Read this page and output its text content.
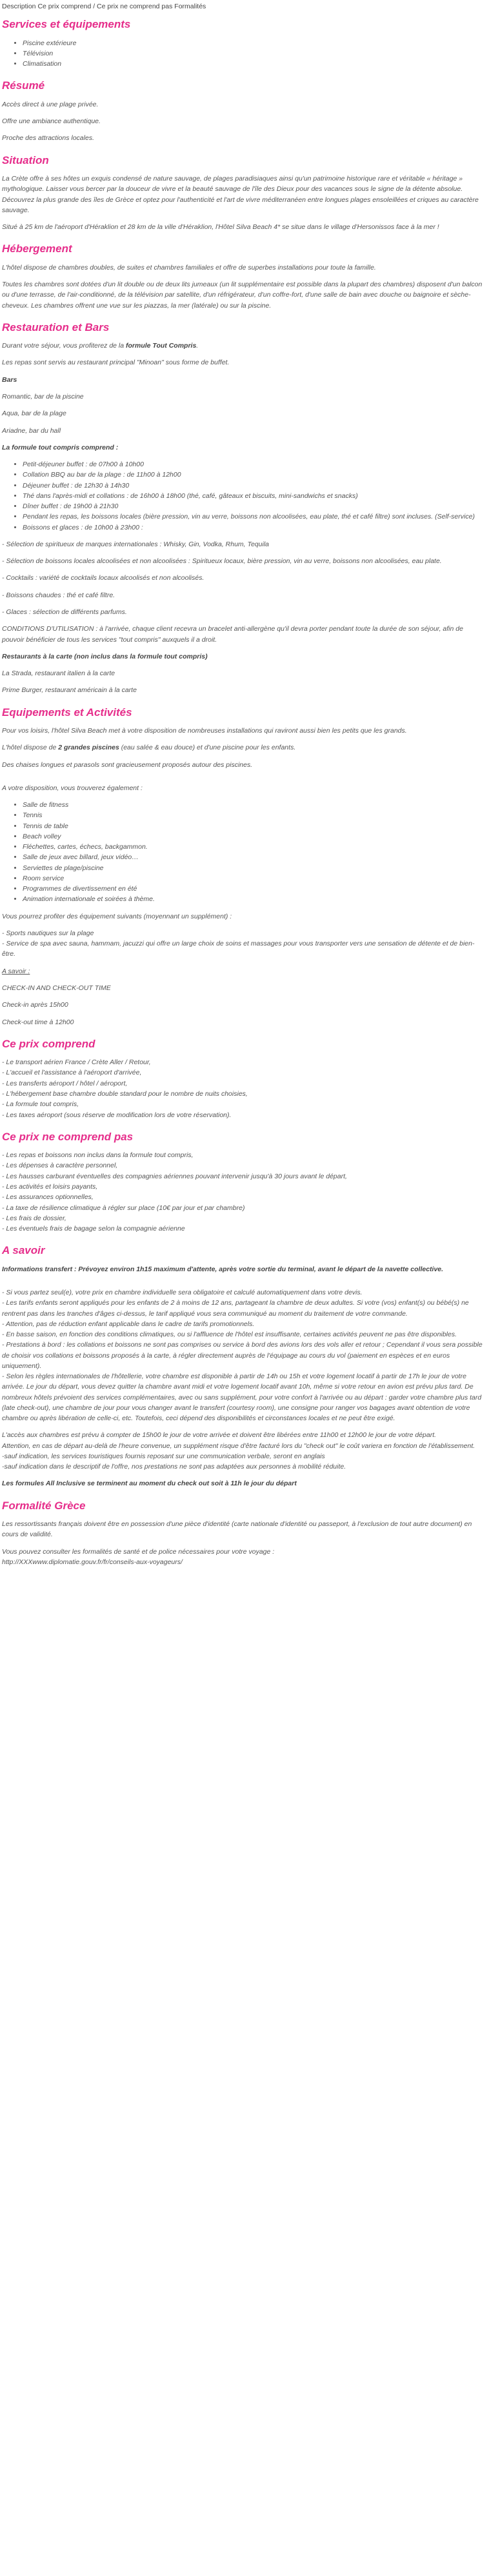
Description Ce prix comprend / Ce prix ne comprend pas Formalités
Services et équipements
• Piscine extérieure
• Télévision
• Climatisation
Résumé

Accès direct à une plage privée.

Offre une ambiance authentique.

Proche des attractions locales.

Situation

La Crète offre à ses hôtes un exquis condensé de nature sauvage, de plages paradisiaques ainsi qu'un patrimoine historique rare et véritable « héritage » mythologique. Laisser vous bercer par la douceur de vivre et la beauté sauvage de l'île des Dieux pour des vacances sous le signe de la détente absolue. Découvrez la plus grande des îles de Grèce et optez pour l'authenticité et l'art de vivre méditerranéen entre longues plages ensoleillées et criques au caractère sauvage.

Situé à 25 km de l'aéroport d'Héraklion et 28 km de la ville d'Héraklion, l'Hôtel Silva Beach 4* se situe dans le village d'Hersonissos face à la mer !

Hébergement

L'hôtel dispose de chambres doubles, de suites et chambres familiales et offre de superbes installations pour toute la famille.

Toutes les chambres sont dotées d'un lit double ou de deux lits jumeaux (un lit supplémentaire est possible dans la plupart des chambres) disposent d'un balcon ou d'une terrasse, de l'air-conditionné, de la télévision par satellite, d'un réfrigérateur, d'un coffre-fort, d'une salle de bain avec douche ou baignoire et sèche-cheveux. Les chambres offrent une vue sur les piazzas, la mer (latérale) ou sur la piscine.

Restauration et Bars

Durant votre séjour, vous profiterez de la formule Tout Compris.

Les repas sont servis au restaurant principal "Minoan" sous forme de buffet.

Bars

Romantic, bar de la piscine

Aqua, bar de la plage

Ariadne, bar du hall

La formule tout compris comprend :

• Petit-déjeuner buffet : de 07h00 à 10h00
• Collation BBQ au bar de la plage : de 11h00 à 12h00
• Déjeuner buffet : de 12h30 à 14h30
• Thé dans l'après-midi et collations : de 16h00 à 18h00 (thé, café, gâteaux et biscuits, mini-sandwichs et snacks)
• Dîner buffet : de 19h00 à 21h30
• Pendant les repas, les boissons locales (bière pression, vin au verre, boissons non alcoolisées, eau plate, thé et café filtre) sont incluses. (Self-service)
• Boissons et glaces : de 10h00 à 23h00 :

- Sélection de spiritueux de marques internationales : Whisky, Gin, Vodka, Rhum, Tequila

- Sélection de boissons locales alcoolisées et non alcoolisées : Spiritueux locaux, bière pression, vin au verre, boissons non alcoolisées, eau plate.

- Cocktails : variété de cocktails locaux alcoolisés et non alcoolisés.

- Boissons chaudes : thé et café filtre.

- Glaces : sélection de différents parfums.

CONDITIONS D'UTILISATION : à l'arrivée, chaque client recevra un bracelet anti-allergène qu'il devra porter pendant toute la durée de son séjour, afin de pouvoir bénéficier de tous les services "tout compris" auxquels il a droit.

Restaurants à la carte (non inclus dans la formule tout compris)

La Strada, restaurant italien à la carte

Prime Burger, restaurant américain à la carte

Equipements et Activités

Pour vos loisirs, l'hôtel Silva Beach met à votre disposition de nombreuses installations qui raviront aussi bien les petits que les grands.

L'hôtel dispose de 2 grandes piscines (eau salée & eau douce) et d'une piscine pour les enfants.

Des chaises longues et parasols sont gracieusement proposés autour des piscines.

A votre disposition, vous trouverez également :

• Salle de fitness
• Tennis
• Tennis de table
• Beach volley
• Fléchettes, cartes, échecs, backgammon.
• Salle de jeux avec billard, jeux vidéo…
• Serviettes de plage/piscine
• Room service
• Programmes de divertissement en été
• Animation internationale et soirées à thème.

Vous pourrez profiter des équipement suivants (moyennant un supplément) :

- Sports nautiques sur la plage

- Service de spa avec sauna, hammam, jacuzzi qui offre un large choix de soins et massages pour vous transporter vers une sensation de détente et de bien-être.

A savoir :

CHECK-IN AND CHECK-OUT TIME

Check-in après 15h00

Check-out time à 12h00

Ce prix comprend

- Le transport aérien France / Crète Aller / Retour,

- L'accueil et l'assistance à l'aéroport d'arrivée,

- Les transferts aéroport / hôtel / aéroport,

- L'hébergement base chambre double standard pour le nombre de nuits choisies,

- La formule tout compris,

- Les taxes aéroport (sous réserve de modification lors de votre réservation).

Ce prix ne comprend pas

- Les repas et boissons non inclus dans la formule tout compris,

- Les dépenses à caractère personnel,

- Les hausses carburant éventuelles des compagnies aériennes pouvant intervenir jusqu'à 30 jours avant le départ,

- Les activités et loisirs payants,

- Les assurances optionnelles,

- La taxe de résilience climatique à régler sur place (10€ par jour et par chambre)

- Les frais de dossier,

- Les éventuels frais de bagage selon la compagnie aérienne

A savoir

Informations transfert : Prévoyez environ 1h15 maximum d'attente, après votre sortie du terminal, avant le départ de la navette collective.

- Si vous partez seul(e), votre prix en chambre individuelle sera obligatoire et calculé automatiquement dans votre devis.

- Les tarifs enfants seront appliqués pour les enfants de 2 à moins de 12 ans, partageant la chambre de deux adultes. Si votre (vos) enfant(s) ou bébé(s) ne rentrent pas dans les tranches d'âges ci-dessus, le tarif appliqué vous sera communiqué au moment du traitement de votre commande.

- Attention, pas de réduction enfant applicable dans le cadre de tarifs promotionnels.

- En basse saison, en fonction des conditions climatiques, ou si l'affluence de l'hôtel est insuffisante, certaines activités peuvent ne pas être disponibles.

- Prestations à bord : les collations et boissons ne sont pas comprises ou service à bord des avions lors des vols aller et retour ; Cependant il vous sera possible de choisir vos collations et boissons proposés à la carte, à régler directement auprès de l'équipage au cours du vol (paiement en espèces et en euros uniquement).

- Selon les règles internationales de l'hôtellerie, votre chambre est disponible à partir de 14h ou 15h et votre logement locatif à partir de 17h le jour de votre arrivée. Le jour du départ, vous devez quitter la chambre avant midi et votre logement locatif avant 10h, même si votre retour en avion est prévu plus tard. De nombreux hôtels prévoient des services complémentaires, avec ou sans supplément, pour votre confort à l'arrivée ou au départ : garder votre chambre plus tard (late check-out), une chambre de jour pour vous changer avant le transfert (courtesy room), une consigne pour ranger vos bagages avant obtention de votre chambre ou après libération de celle-ci, etc. Toutefois, ceci dépend des disponibilités et circonstances locales et ne peut être exigé.

L'accès aux chambres est prévu à compter de 15h00 le jour de votre arrivée et doivent être libérées entre 11h00 et 12h00 le jour de votre départ.

Attention, en cas de départ au-delà de l'heure convenue, un supplément risque d'être facturé lors du "check out" le coût variera en fonction de l'établissement.

-sauf indication, les services touristiques fournis reposant sur une communication verbale, seront en anglais

-sauf indication dans le descriptif de l'offre, nos prestations ne sont pas adaptées aux personnes à mobilité réduite.

Les formules All Inclusive se terminent au moment du check out soit à 11h le jour du départ

Formalité Grèce

Les ressortissants français doivent être en possession d'une pièce d'identité (carte nationale d'identité ou passeport, à l'exclusion de tout autre document) en cours de validité.

Vous pouvez consulter les formalités de santé et de police nécessaires pour votre voyage :

http://XXXwww.diplomatie.gouv.fr/fr/conseils-aux-voyageurs/
